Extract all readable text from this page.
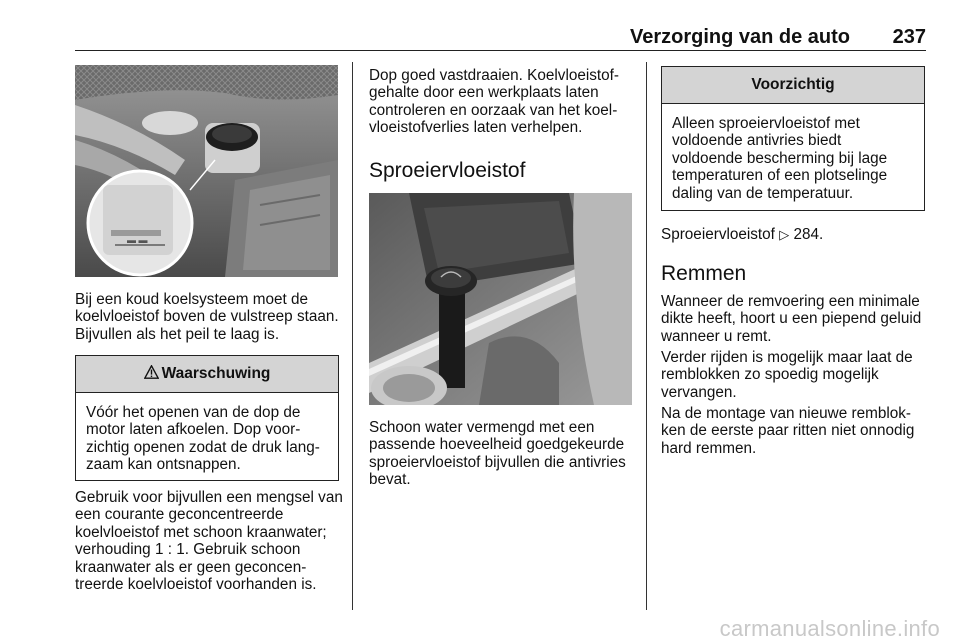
Verzorging van de auto	237
▬ ▬
Bij een koud koelsysteem moet de koelvloeistof boven de vulstreep staan. Bijvullen als het peil te laag is.
Waarschuwing
Vóór het openen van de dop de motor laten afkoelen. Dop voorzichtig openen zodat de druk langzaam kan ontsnappen.
Gebruik voor bijvullen een mengsel van een courante geconcentreerde koelvloeistof met schoon kraanwater; verhouding 1 : 1. Gebruik schoon kraanwater als er geen geconcentreerde koelvloeistof voorhanden is.
Dop goed vastdraaien. Koelvloeistofgehalte door een werkplaats laten controleren en oorzaak van het koelvloeistofverlies laten verhelpen.
Sproeiervloeistof
Schoon water vermengd met een passende hoeveelheid goedgekeurde sproeiervloeistof bijvullen die antivries bevat.
Voorzichtig
Alleen sproeiervloeistof met voldoende antivries biedt voldoende bescherming bij lage temperaturen of een plotselinge daling van de temperatuur.
Sproeiervloeistof ▷ 284.
Remmen
Wanneer de remvoering een minimale dikte heeft, hoort u een piepend geluid wanneer u remt.
Verder rijden is mogelijk maar laat de remblokken zo spoedig mogelijk vervangen.
Na de montage van nieuwe remblokken de eerste paar ritten niet onnodig hard remmen.
carmanualsonline.info
